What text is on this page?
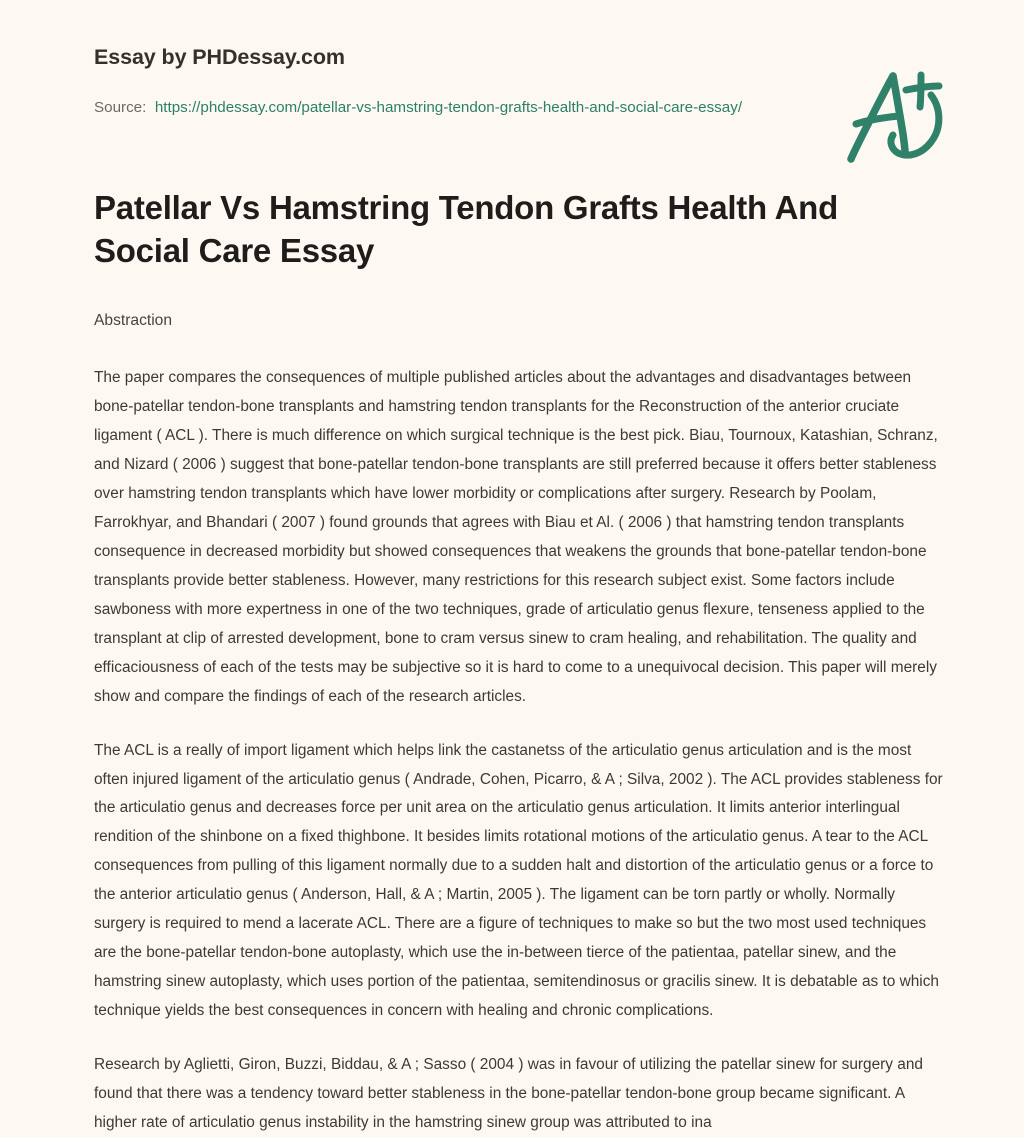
Essay by PHDessay.com
Source: https://phdessay.com/patellar-vs-hamstring-tendon-grafts-health-and-social-care-essay/
Patellar Vs Hamstring Tendon Grafts Health And Social Care Essay
Abstraction

The paper compares the consequences of multiple published articles about the advantages and disadvantages between bone-patellar tendon-bone transplants and hamstring tendon transplants for the Reconstruction of the anterior cruciate ligament ( ACL ). There is much difference on which surgical technique is the best pick. Biau, Tournoux, Katashian, Schranz, and Nizard ( 2006 ) suggest that bone-patellar tendon-bone transplants are still preferred because it offers better stableness over hamstring tendon transplants which have lower morbidity or complications after surgery. Research by Poolam, Farrokhyar, and Bhandari ( 2007 ) found grounds that agrees with Biau et Al. ( 2006 ) that hamstring tendon transplants consequence in decreased morbidity but showed consequences that weakens the grounds that bone-patellar tendon-bone transplants provide better stableness. However, many restrictions for this research subject exist. Some factors include sawboness with more expertness in one of the two techniques, grade of articulatio genus flexure, tenseness applied to the transplant at clip of arrested development, bone to cram versus sinew to cram healing, and rehabilitation. The quality and efficaciousness of each of the tests may be subjective so it is hard to come to a unequivocal decision. This paper will merely show and compare the findings of each of the research articles.

The ACL is a really of import ligament which helps link the castanetss of the articulatio genus articulation and is the most often injured ligament of the articulatio genus ( Andrade, Cohen, Picarro, & A ; Silva, 2002 ). The ACL provides stableness for the articulatio genus and decreases force per unit area on the articulatio genus articulation. It limits anterior interlingual rendition of the shinbone on a fixed thighbone. It besides limits rotational motions of the articulatio genus. A tear to the ACL consequences from pulling of this ligament normally due to a sudden halt and distortion of the articulatio genus or a force to the anterior articulatio genus ( Anderson, Hall, & A ; Martin, 2005 ). The ligament can be torn partly or wholly. Normally surgery is required to mend a lacerate ACL. There are a figure of techniques to make so but the two most used techniques are the bone-patellar tendon-bone autoplasty, which use the in-between tierce of the patientaa, patellar sinew, and the hamstring sinew autoplasty, which uses portion of the patientaa, semitendinosus or gracilis sinew. It is debatable as to which technique yields the best consequences in concern with healing and chronic complications.

Research by Aglietti, Giron, Buzzi, Biddau, & A ; Sasso ( 2004 ) was in favour of utilizing the patellar sinew for surgery and found that there was a tendency toward better stableness in the bone-patellar tendon-bone group became significant. A higher rate of articulatio genus instability in the hamstring sinew group was attributed to ina
